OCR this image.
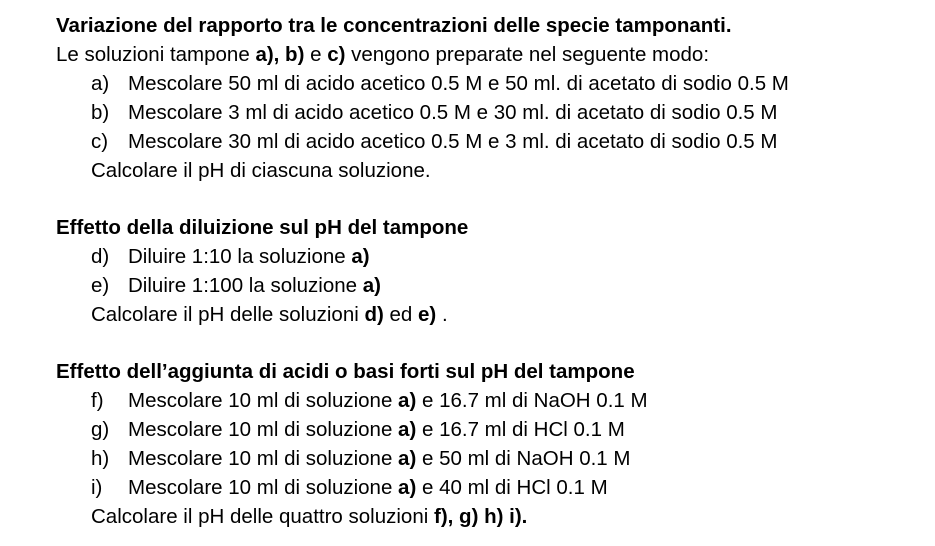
Variazione del rapporto tra le concentrazioni delle specie tamponanti.
Le soluzioni tampone a), b) e c) vengono preparate nel seguente modo:
a) Mescolare 50 ml di acido acetico 0.5 M e 50 ml. di acetato di sodio 0.5 M
b) Mescolare 3 ml di acido acetico 0.5 M e 30 ml. di acetato di sodio 0.5 M
c) Mescolare 30 ml di acido acetico 0.5 M e 3 ml. di acetato di sodio 0.5 M
Calcolare il pH di ciascuna soluzione.
Effetto della diluizione sul pH del tampone
d) Diluire 1:10 la soluzione a)
e) Diluire 1:100 la soluzione a)
Calcolare il pH delle soluzioni d) ed e) .
Effetto dell’aggiunta di acidi o basi forti sul pH del tampone
f) Mescolare 10 ml di soluzione a) e 16.7 ml di NaOH 0.1 M
g) Mescolare 10 ml di soluzione a) e 16.7 ml di HCl 0.1 M
h) Mescolare 10 ml di soluzione a) e 50 ml di NaOH 0.1 M
i) Mescolare 10 ml di soluzione a) e 40 ml di HCl 0.1 M
Calcolare il pH delle quattro soluzioni f), g) h) i).
